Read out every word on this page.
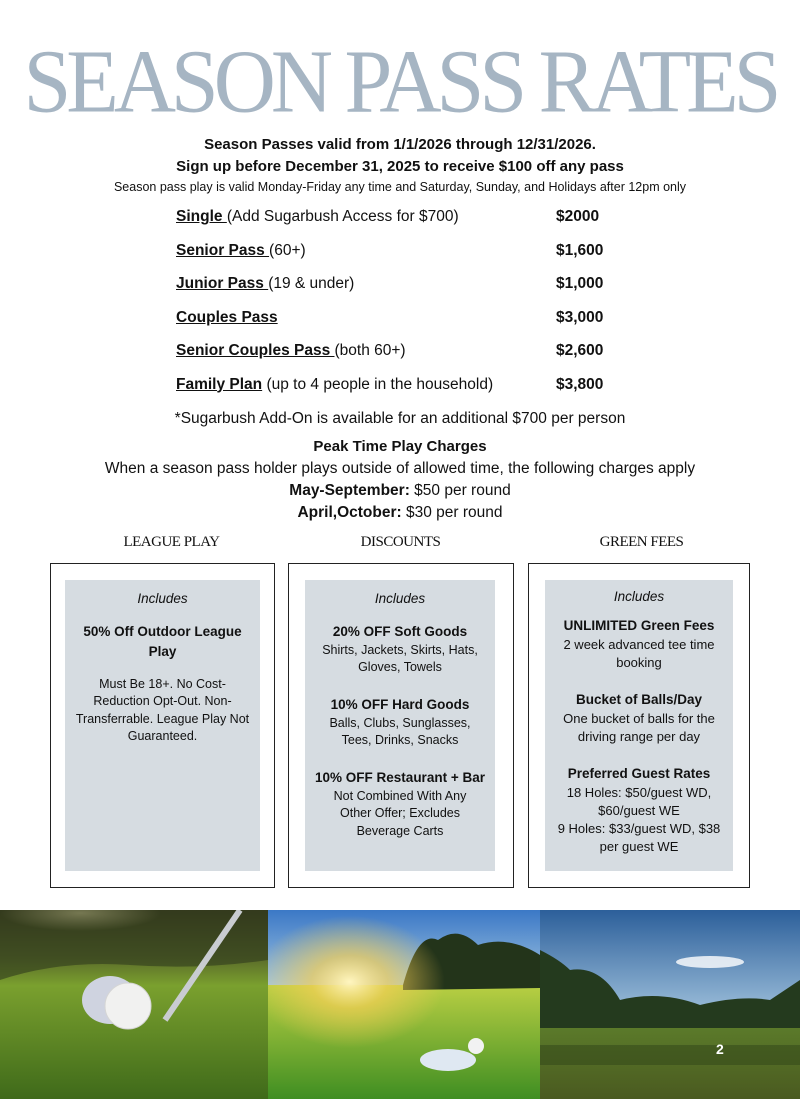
SEASON PASS RATES
Season Passes valid from 1/1/2026 through 12/31/2026.
Sign up before December 31, 2025 to receive $100 off any pass
Season pass play is valid Monday-Friday any time and Saturday, Sunday, and Holidays after 12pm only
Single (Add Sugarbush Access for $700)	$2000
Senior Pass (60+)	$1,600
Junior Pass (19 & under)	$1,000
Couples Pass	$3,000
Senior Couples Pass (both 60+)	$2,600
Family Plan (up to 4 people in the household)	$3,800
*Sugarbush Add-On is available for an additional $700 per person
Peak Time Play Charges
When a season pass holder plays outside of allowed time, the following charges apply
May-September: $50 per round
April,October: $30 per round
LEAGUE PLAY	DISCOUNTS	GREEN FEES
Includes
50% Off Outdoor League Play
Must Be 18+. No Cost-Reduction Opt-Out. Non-Transferrable. League Play Not Guaranteed.
Includes
20% OFF Soft Goods
Shirts, Jackets, Skirts, Hats, Gloves, Towels
10% OFF Hard Goods
Balls, Clubs, Sunglasses, Tees, Drinks, Snacks
10% OFF Restaurant + Bar
Not Combined With Any Other Offer; Excludes Beverage Carts
Includes
UNLIMITED Green Fees
2 week advanced tee time booking
Bucket of Balls/Day
One bucket of balls for the driving range per day
Preferred Guest Rates
18 Holes: $50/guest WD, $60/guest WE
9 Holes: $33/guest WD, $38 per guest WE
2
